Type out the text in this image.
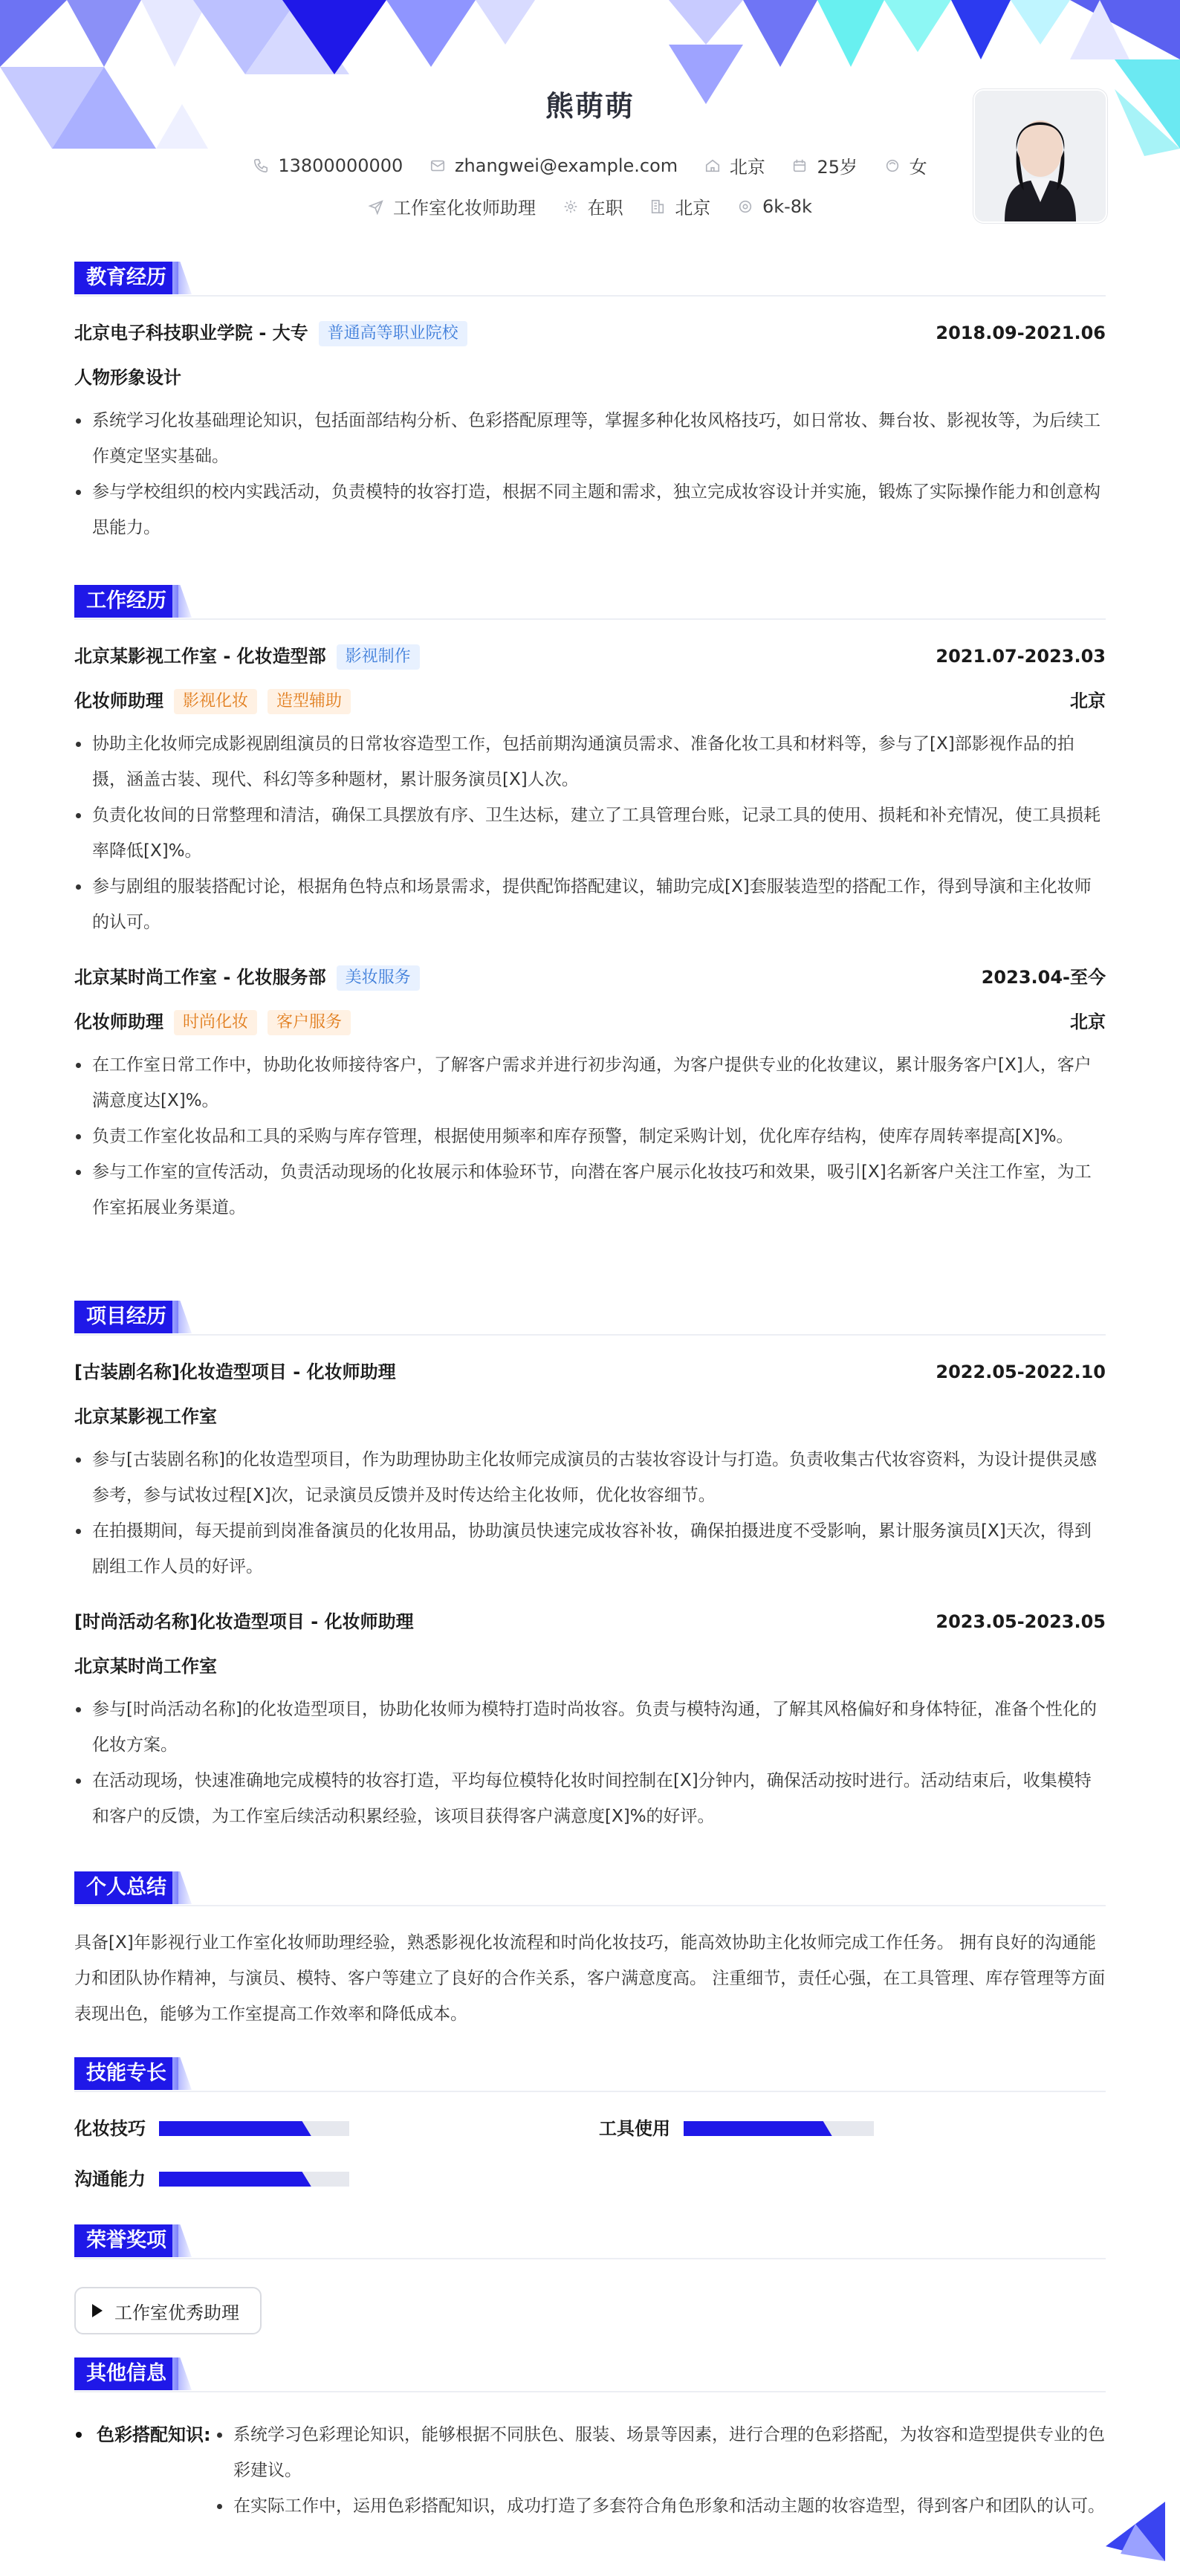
熊萌萌
13800000000
	zhangwei@example.com
	北京
	25岁
	女
工作室化妆师助理
	在职
	北京
	6k-8k
教育经历
北京电子科技职业学院 - 大专 普通高等职业院校	2018.09-2021.06
人物形象设计
系统学习化妆基础理论知识，包括面部结构分析、色彩搭配原理等，掌握多种化妆风格技巧，如日常妆、舞台妆、影视妆等，为后续工作奠定坚实基础。
参与学校组织的校内实践活动，负责模特的妆容打造，根据不同主题和需求，独立完成妆容设计并实施，锻炼了实际操作能力和创意构思能力。
工作经历
北京某影视工作室 - 化妆造型部 影视制作	2021.07-2023.03
化妆师助理 影视化妆 造型辅助	北京
协助主化妆师完成影视剧组演员的日常妆容造型工作，包括前期沟通演员需求、准备化妆工具和材料等，参与了[X]部影视作品的拍摄，涵盖古装、现代、科幻等多种题材，累计服务演员[X]人次。
负责化妆间的日常整理和清洁，确保工具摆放有序、卫生达标，建立了工具管理台账，记录工具的使用、损耗和补充情况，使工具损耗率降低[X]%。
参与剧组的服装搭配讨论，根据角色特点和场景需求，提供配饰搭配建议，辅助完成[X]套服装造型的搭配工作，得到导演和主化妆师的认可。
北京某时尚工作室 - 化妆服务部 美妆服务	2023.04-至今
化妆师助理 时尚化妆 客户服务	北京
在工作室日常工作中，协助化妆师接待客户，了解客户需求并进行初步沟通，为客户提供专业的化妆建议，累计服务客户[X]人，客户满意度达[X]%。
负责工作室化妆品和工具的采购与库存管理，根据使用频率和库存预警，制定采购计划，优化库存结构，使库存周转率提高[X]%。
参与工作室的宣传活动，负责活动现场的化妆展示和体验环节，向潜在客户展示化妆技巧和效果，吸引[X]名新客户关注工作室，为工作室拓展业务渠道。
项目经历
[古装剧名称]化妆造型项目 - 化妆师助理	2022.05-2022.10
北京某影视工作室
参与[古装剧名称]的化妆造型项目，作为助理协助主化妆师完成演员的古装妆容设计与打造。负责收集古代妆容资料，为设计提供灵感参考，参与试妆过程[X]次，记录演员反馈并及时传达给主化妆师，优化妆容细节。
在拍摄期间，每天提前到岗准备演员的化妆用品，协助演员快速完成妆容补妆，确保拍摄进度不受影响，累计服务演员[X]天次，得到剧组工作人员的好评。
[时尚活动名称]化妆造型项目 - 化妆师助理	2023.05-2023.05
北京某时尚工作室
参与[时尚活动名称]的化妆造型项目，协助化妆师为模特打造时尚妆容。负责与模特沟通，了解其风格偏好和身体特征，准备个性化的化妆方案。
在活动现场，快速准确地完成模特的妆容打造，平均每位模特化妆时间控制在[X]分钟内，确保活动按时进行。活动结束后，收集模特和客户的反馈，为工作室后续活动积累经验，该项目获得客户满意度[X]%的好评。
个人总结
具备[X]年影视行业工作室化妆师助理经验，熟悉影视化妆流程和时尚化妆技巧，能高效协助主化妆师完成工作任务。 拥有良好的沟通能力和团队协作精神，与演员、模特、客户等建立了良好的合作关系，客户满意度高。 注重细节，责任心强，在工具管理、库存管理等方面表现出色，能够为工作室提高工作效率和降低成本。
技能专长
化妆技巧	工具使用
沟通能力
荣誉奖项
工作室优秀助理
其他信息
色彩搭配知识:	系统学习色彩理论知识，能够根据不同肤色、服装、场景等因素，进行合理的色彩搭配，为妆容和造型提供专业的色彩建议。
在实际工作中，运用色彩搭配知识，成功打造了多套符合角色形象和活动主题的妆容造型，得到客户和团队的认可。
